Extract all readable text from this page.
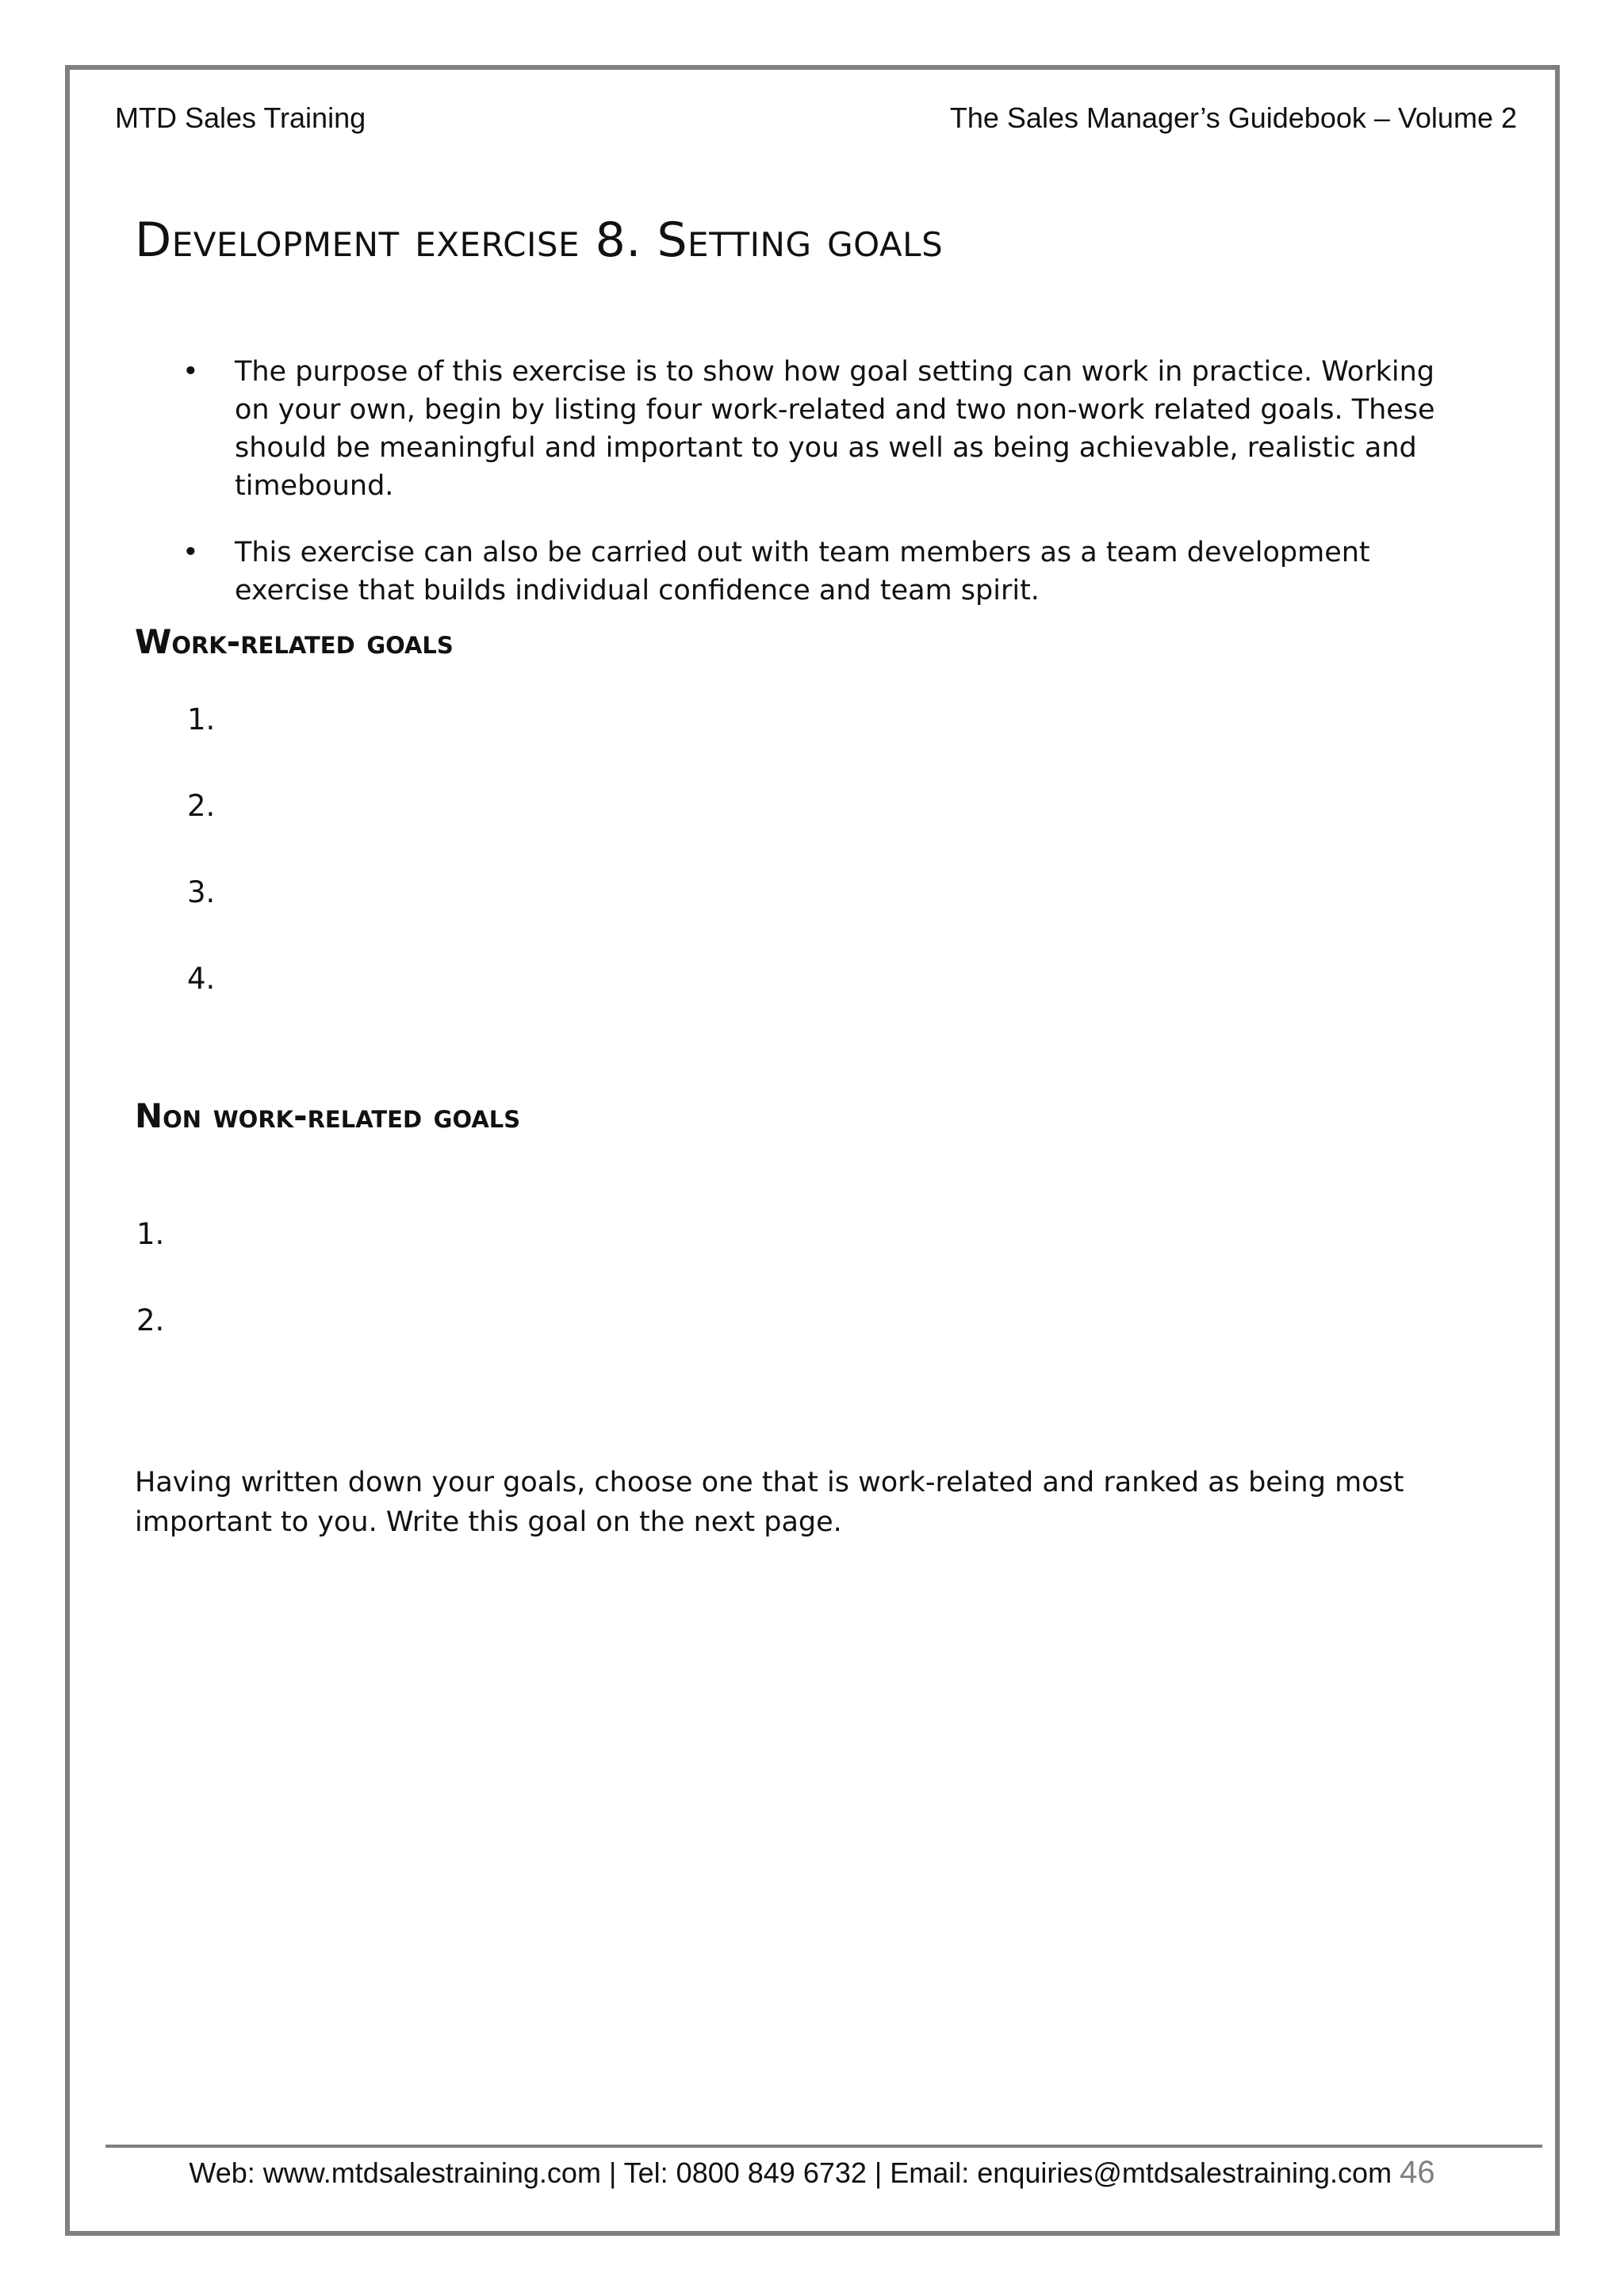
MTD Sales Training	The Sales Manager’s Guidebook – Volume 2
Development exercise 8. Setting goals
• The purpose of this exercise is to show how goal setting can work in practice. Working on your own, begin by listing four work-related and two non-work related goals. These should be meaningful and important to you as well as being achievable, realistic and timebound.
• This exercise can also be carried out with team members as a team development exercise that builds individual confidence and team spirit.
Work-related goals
1.
2.
3.
4.
Non work-related goals
1.
2.
Having written down your goals, choose one that is work-related and ranked as being most important to you. Write this goal on the next page.
Web: www.mtdsalestraining.com | Tel: 0800 849 6732 | Email: enquiries@mtdsalestraining.com 46
